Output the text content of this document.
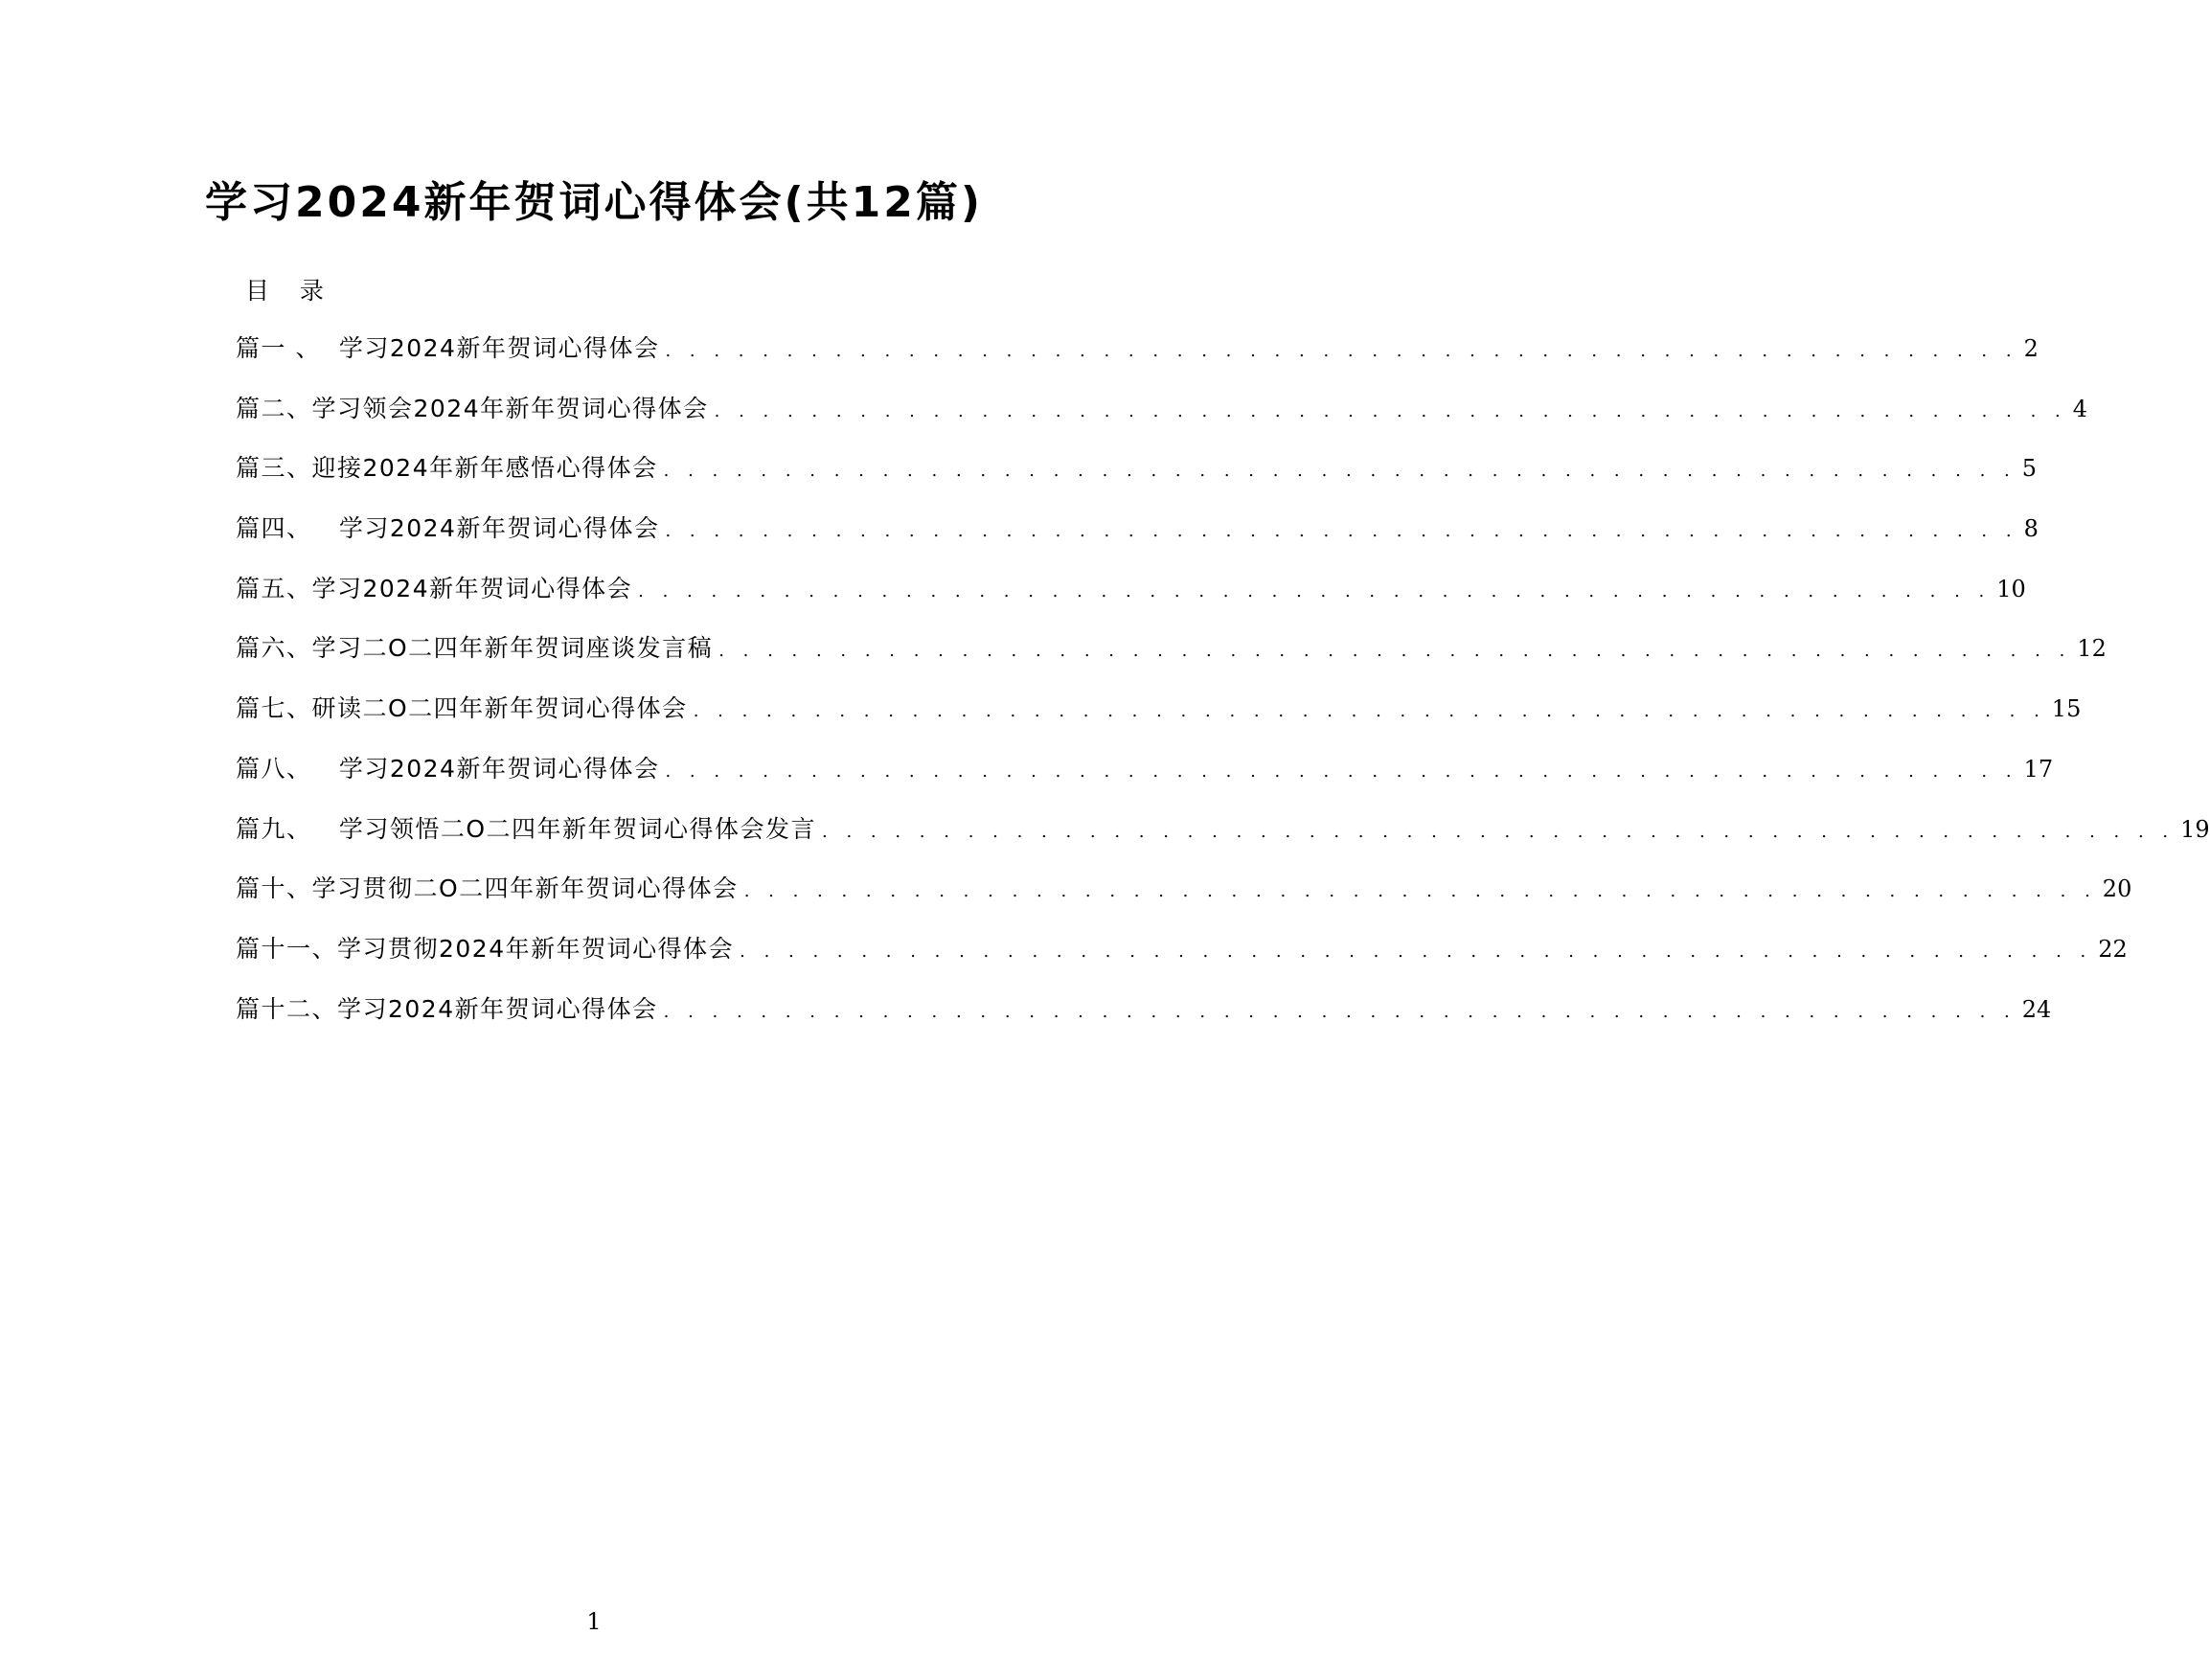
学习2024新年贺词心得体会(共12篇)
目   录
篇一 、  学习2024新年贺词心得体会 . . . . . . . . . . . . . . . . . . . . . . . . . . . . . . . . . . . . . . . . . . . . . . . . . . . . . . . . 2
篇二、学习领会2024年新年贺词心得体会 . . . . . . . . . . . . . . . . . . . . . . . . . . . . . . . . . . . . . . . . . . . . . . . . . . . . . . . . 4
篇三、迎接2024年新年感悟心得体会 . . . . . . . . . . . . . . . . . . . . . . . . . . . . . . . . . . . . . . . . . . . . . . . . . . . . . . . . 5
篇四、   学习2024新年贺词心得体会 . . . . . . . . . . . . . . . . . . . . . . . . . . . . . . . . . . . . . . . . . . . . . . . . . . . . . . . . 8
篇五、学习2024新年贺词心得体会 . . . . . . . . . . . . . . . . . . . . . . . . . . . . . . . . . . . . . . . . . . . . . . . . . . . . . . . . 10
篇六、学习二O二四年新年贺词座谈发言稿 . . . . . . . . . . . . . . . . . . . . . . . . . . . . . . . . . . . . . . . . . . . . . . . . . . . . . . . . 12
篇七、研读二O二四年新年贺词心得体会 . . . . . . . . . . . . . . . . . . . . . . . . . . . . . . . . . . . . . . . . . . . . . . . . . . . . . . . . 15
篇八、   学习2024新年贺词心得体会 . . . . . . . . . . . . . . . . . . . . . . . . . . . . . . . . . . . . . . . . . . . . . . . . . . . . . . . . 17
篇九、   学习领悟二O二四年新年贺词心得体会发言 . . . . . . . . . . . . . . . . . . . . . . . . . . . . . . . . . . . . . . . . . . . . . . . . . . . . . . . . 19
篇十、学习贯彻二O二四年新年贺词心得体会 . . . . . . . . . . . . . . . . . . . . . . . . . . . . . . . . . . . . . . . . . . . . . . . . . . . . . . . . 20
篇十一、学习贯彻2024年新年贺词心得体会 . . . . . . . . . . . . . . . . . . . . . . . . . . . . . . . . . . . . . . . . . . . . . . . . . . . . . . . . 22
篇十二、学习2024新年贺词心得体会 . . . . . . . . . . . . . . . . . . . . . . . . . . . . . . . . . . . . . . . . . . . . . . . . . . . . . . . . 24
1
